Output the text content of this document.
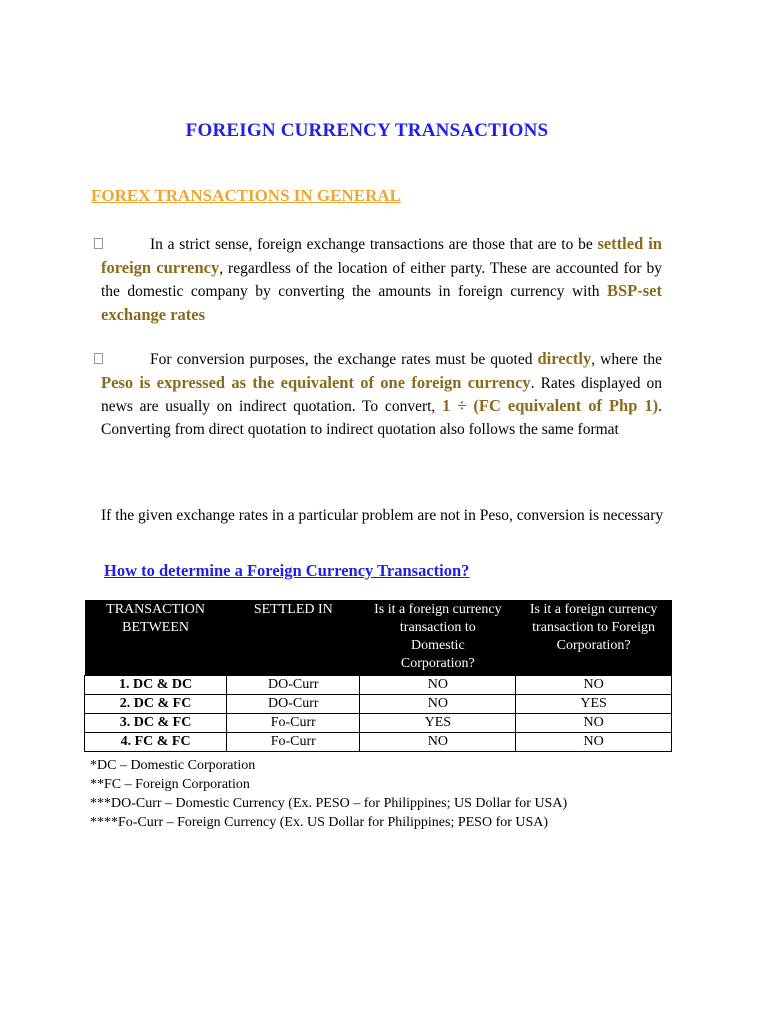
FOREIGN CURRENCY TRANSACTIONS
FOREX TRANSACTIONS IN GENERAL
In a strict sense, foreign exchange transactions are those that are to be settled in foreign currency, regardless of the location of either party. These are accounted for by the domestic company by converting the amounts in foreign currency with BSP-set exchange rates
For conversion purposes, the exchange rates must be quoted directly, where the Peso is expressed as the equivalent of one foreign currency. Rates displayed on news are usually on indirect quotation. To convert, 1 ÷ (FC equivalent of Php 1). Converting from direct quotation to indirect quotation also follows the same format
If the given exchange rates in a particular problem are not in Peso, conversion is necessary
How to determine a Foreign Currency Transaction?
TRANSACTION BETWEEN	SETTLED IN	Is it a foreign currency transaction to Domestic Corporation?	Is it a foreign currency transaction to Foreign Corporation?
1. DC & DC	DO-Curr	NO	NO
2. DC & FC	DO-Curr	NO	YES
3. DC & FC	Fo-Curr	YES	NO
4. FC & FC	Fo-Curr	NO	NO
*DC – Domestic Corporation
**FC – Foreign Corporation
***DO-Curr – Domestic Currency (Ex. PESO – for Philippines; US Dollar for USA)
****Fo-Curr – Foreign Currency (Ex. US Dollar for Philippines; PESO for USA)
